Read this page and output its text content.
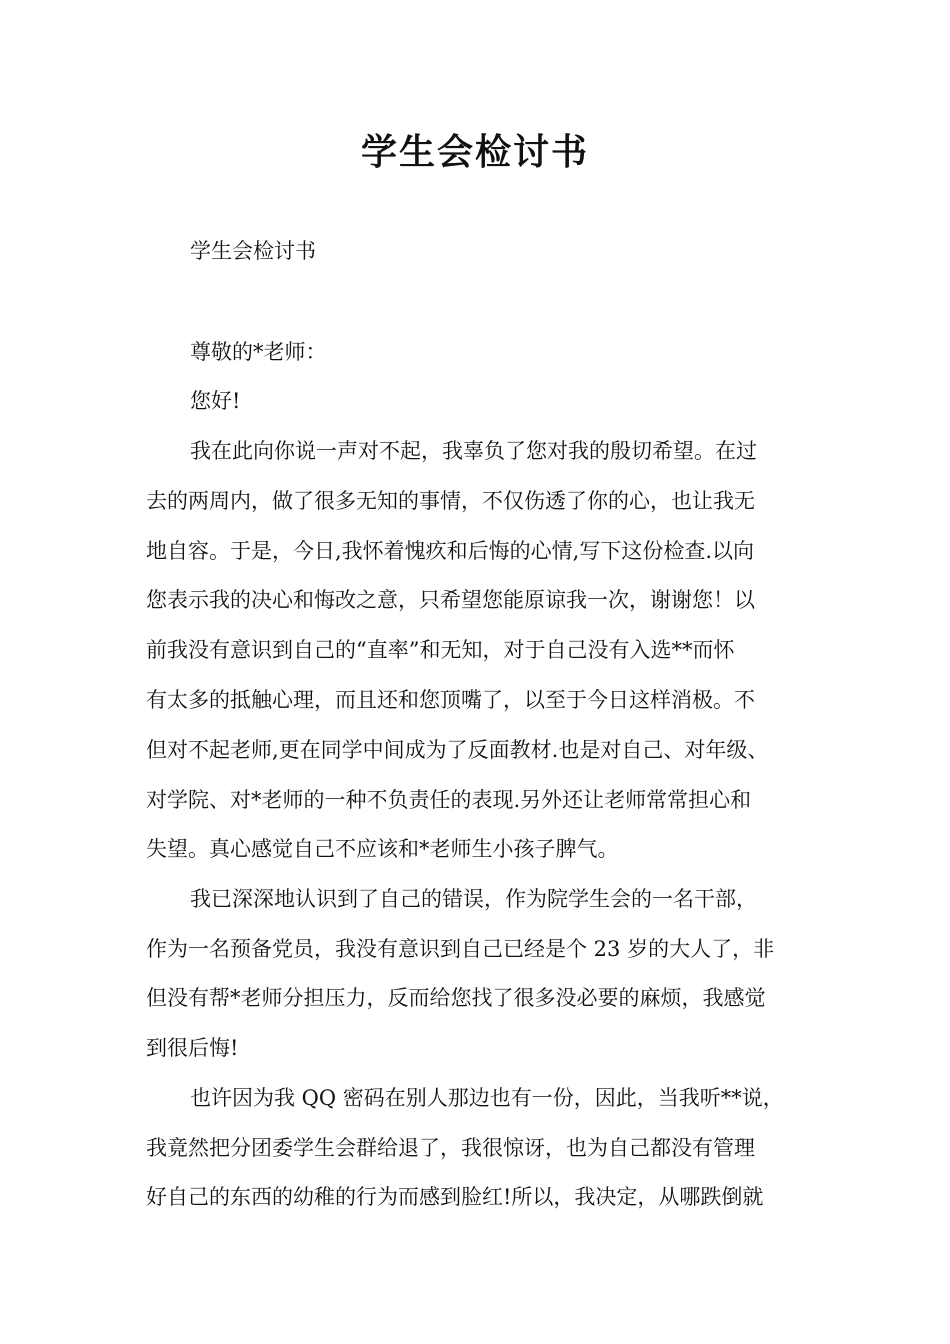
学生会检讨书

学生会检讨书

尊敬的*老师：

您好!

我在此向你说一声对不起，我辜负了您对我的殷切希望。在过

去的两周内，做了很多无知的事情，不仅伤透了你的心，也让我无

地自容。于是，今日,我怀着愧疚和后悔的心情,写下这份检查.以向

您表示我的决心和悔改之意，只希望您能原谅我一次，谢谢您！以

前我没有意识到自己的“直率”和无知，对于自己没有入选**而怀

有太多的抵触心理，而且还和您顶嘴了，以至于今日这样消极。不

但对不起老师,更在同学中间成为了反面教材.也是对自己、对年级、

对学院、对*老师的一种不负责任的表现.另外还让老师常常担心和

失望。真心感觉自己不应该和*老师生小孩子脾气。

我已深深地认识到了自己的错误，作为院学生会的一名干部，

作为一名预备党员，我没有意识到自己已经是个 23 岁的大人了，非

但没有帮*老师分担压力，反而给您找了很多没必要的麻烦，我感觉

到很后悔!

也许因为我 QQ 密码在别人那边也有一份，因此，当我听**说，

我竟然把分团委学生会群给退了，我很惊讶，也为自己都没有管理

好自己的东西的幼稚的行为而感到脸红!所以，我决定，从哪跌倒就
